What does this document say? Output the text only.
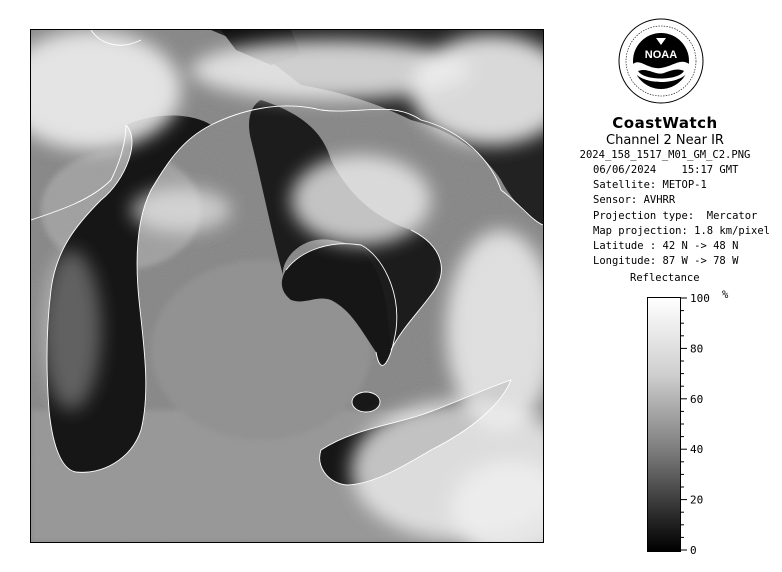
NOAA
CoastWatch
Channel 2 Near IR
2024_158_1517_M01_GM_C2.PNG
06/06/2024    15:17 GMT
Satellite: METOP-1
Sensor: AVHRR
Projection type:  Mercator
Map projection: 1.8 km/pixel
Latitude : 42 N -> 48 N
Longitude: 87 W -> 78 W
Reflectance
%
100
80
60
40
20
0
